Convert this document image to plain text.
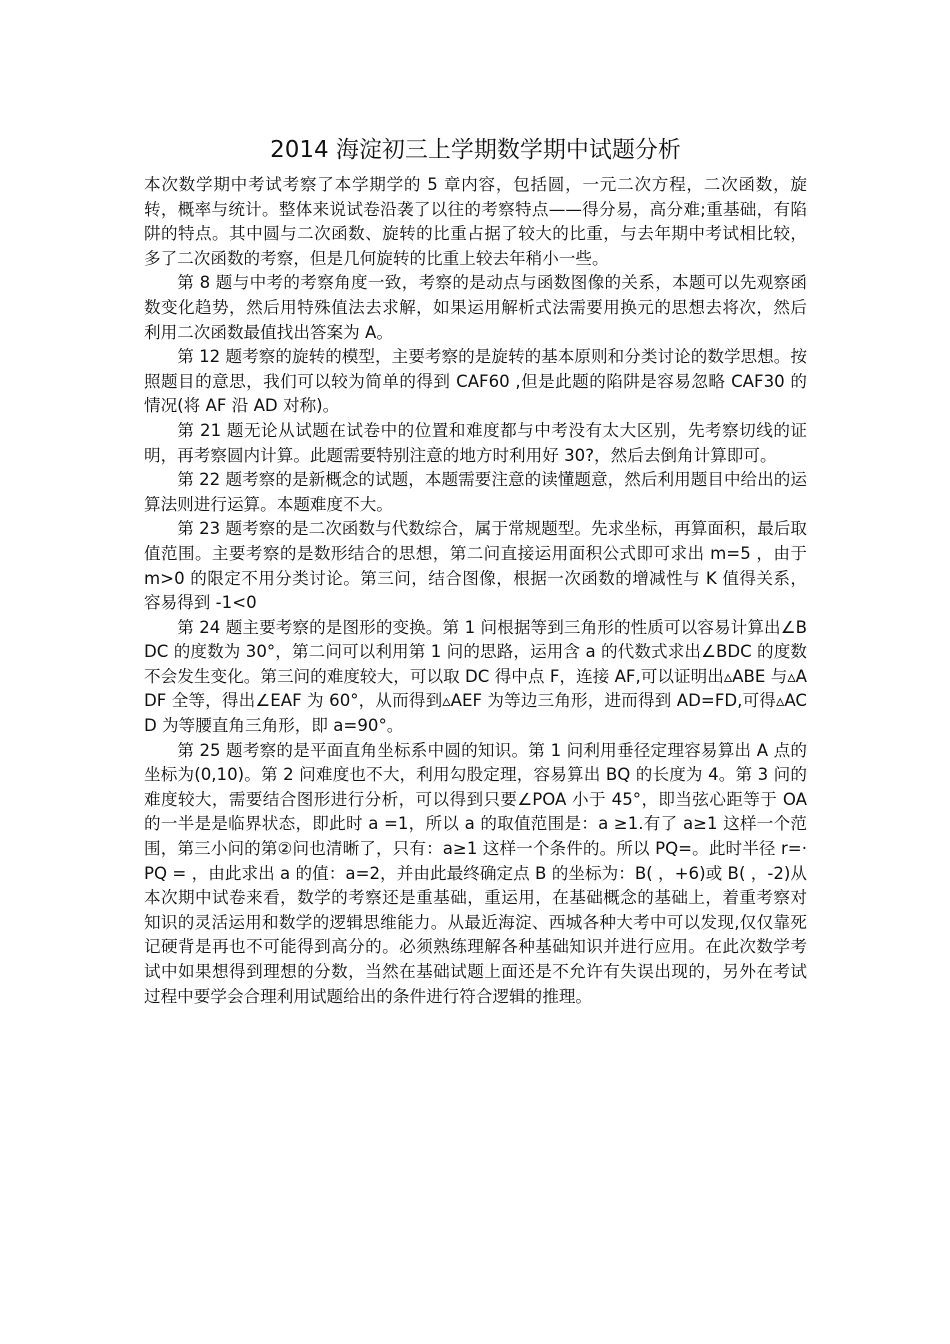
2014 海淀初三上学期数学期中试题分析

本次数学期中考试考察了本学期学的 5 章内容，包括圆，一元二次方程，二次函数，旋转，概率与统计。整体来说试卷沿袭了以往的考察特点——得分易，高分难;重基础，有陷阱的特点。其中圆与二次函数、旋转的比重占据了较大的比重，与去年期中考试相比较，多了二次函数的考察，但是几何旋转的比重上较去年稍小一些。

第 8 题与中考的考察角度一致，考察的是动点与函数图像的关系，本题可以先观察函数变化趋势，然后用特殊值法去求解，如果运用解析式法需要用换元的思想去将次，然后利用二次函数最值找出答案为 A。

第 12 题考察的旋转的模型，主要考察的是旋转的基本原则和分类讨论的数学思想。按照题目的意思，我们可以较为简单的得到 CAF60 ,但是此题的陷阱是容易忽略 CAF30 的情况(将 AF 沿 AD 对称)。

第 21 题无论从试题在试卷中的位置和难度都与中考没有太大区别，先考察切线的证明，再考察圆内计算。此题需要特别注意的地方时利用好 30?，然后去倒角计算即可。

第 22 题考察的是新概念的试题，本题需要注意的读懂题意，然后利用题目中给出的运算法则进行运算。本题难度不大。

第 23 题考察的是二次函数与代数综合，属于常规题型。先求坐标，再算面积，最后取值范围。主要考察的是数形结合的思想，第二问直接运用面积公式即可求出 m=5 ，由于 m>0 的限定不用分类讨论。第三问，结合图像，根据一次函数的增减性与 K 值得关系，容易得到 -1<0

第 24 题主要考察的是图形的变换。第 1 问根据等到三角形的性质可以容易计算出∠BDC 的度数为 30°，第二问可以利用第 1 问的思路，运用含 a 的代数式求出∠BDC 的度数不会发生变化。第三问的难度较大，可以取 DC 得中点 F，连接 AF,可以证明出▵ABE 与▵ADF 全等，得出∠EAF 为 60°，从而得到▵AEF 为等边三角形，进而得到 AD=FD,可得▵ACD 为等腰直角三角形，即 a=90°。

第 25 题考察的是平面直角坐标系中圆的知识。第 1 问利用垂径定理容易算出 A 点的坐标为(0,10)。第 2 问难度也不大，利用勾股定理，容易算出 BQ 的长度为 4。第 3 问的难度较大，需要结合图形进行分析，可以得到只要∠POA 小于 45°，即当弦心距等于 OA 的一半是是临界状态，即此时 a =1，所以 a 的取值范围是：a ≥1.有了 a≥1 这样一个范围，第三小问的第②问也清晰了，只有：a≥1 这样一个条件的。所以 PQ=。此时半径 r=·PQ = ，由此求出 a 的值：a=2，并由此最终确定点 B 的坐标为：B( ，+6)或 B( ，-2)从本次期中试卷来看，数学的考察还是重基础，重运用，在基础概念的基础上，着重考察对知识的灵活运用和数学的逻辑思维能力。从最近海淀、西城各种大考中可以发现,仅仅靠死记硬背是再也不可能得到高分的。必须熟练理解各种基础知识并进行应用。在此次数学考试中如果想得到理想的分数，当然在基础试题上面还是不允许有失误出现的，另外在考试过程中要学会合理利用试题给出的条件进行符合逻辑的推理。
